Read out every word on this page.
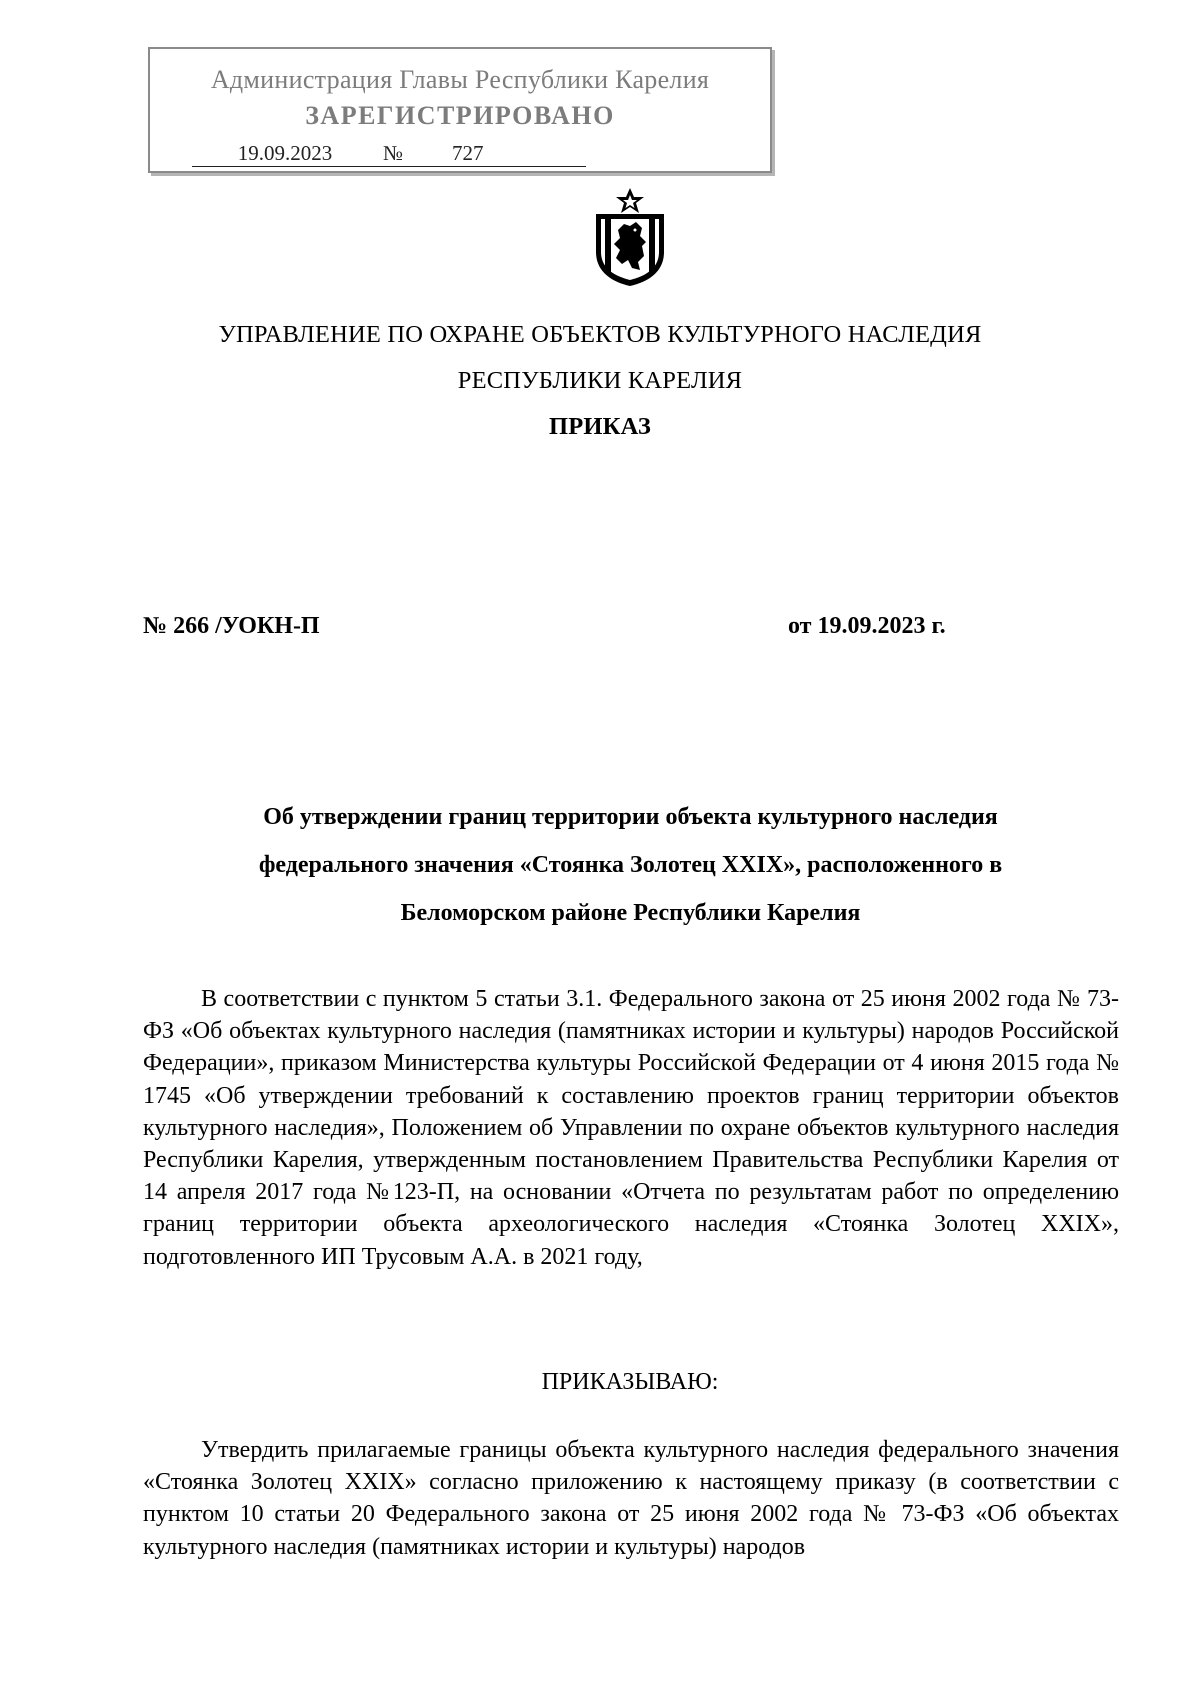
Администрация Главы Республики Карелия
ЗАРЕГИСТРИРОВАНО
19.09.2023 № 727
УПРАВЛЕНИЕ ПО ОХРАНЕ ОБЪЕКТОВ КУЛЬТУРНОГО НАСЛЕДИЯ
РЕСПУБЛИКИ КАРЕЛИЯ
ПРИКАЗ
№ 266 /УОКН-П	от 19.09.2023 г.
Об утверждении границ территории объекта культурного наследия
федерального значения «Стоянка Золотец XXIX», расположенного в
Беломорском районе Республики Карелия

В соответствии с пунктом 5 статьи 3.1. Федерального закона от 25 июня 2002 года № 73-ФЗ «Об объектах культурного наследия (памятниках истории и культуры) народов Российской Федерации», приказом Министерства культуры Российской Федерации от 4 июня 2015 года № 1745 «Об утверждении требований к составлению проектов границ территории объектов культурного наследия», Положением об Управлении по охране объектов культурного наследия Республики Карелия, утвержденным постановлением Правительства Республики Карелия от 14 апреля 2017 года №123-П, на основании «Отчета по результатам работ по определению границ территории объекта археологического наследия «Стоянка Золотец XXIX», подготовленного ИП Трусовым А.А. в 2021 году,

ПРИКАЗЫВАЮ:

Утвердить прилагаемые границы объекта культурного наследия федерального значения «Стоянка Золотец XXIX» согласно приложению к настоящему приказу (в соответствии с пунктом 10 статьи 20 Федерального закона от 25 июня 2002 года № 73-ФЗ «Об объектах культурного наследия (памятниках истории и культуры) народов
